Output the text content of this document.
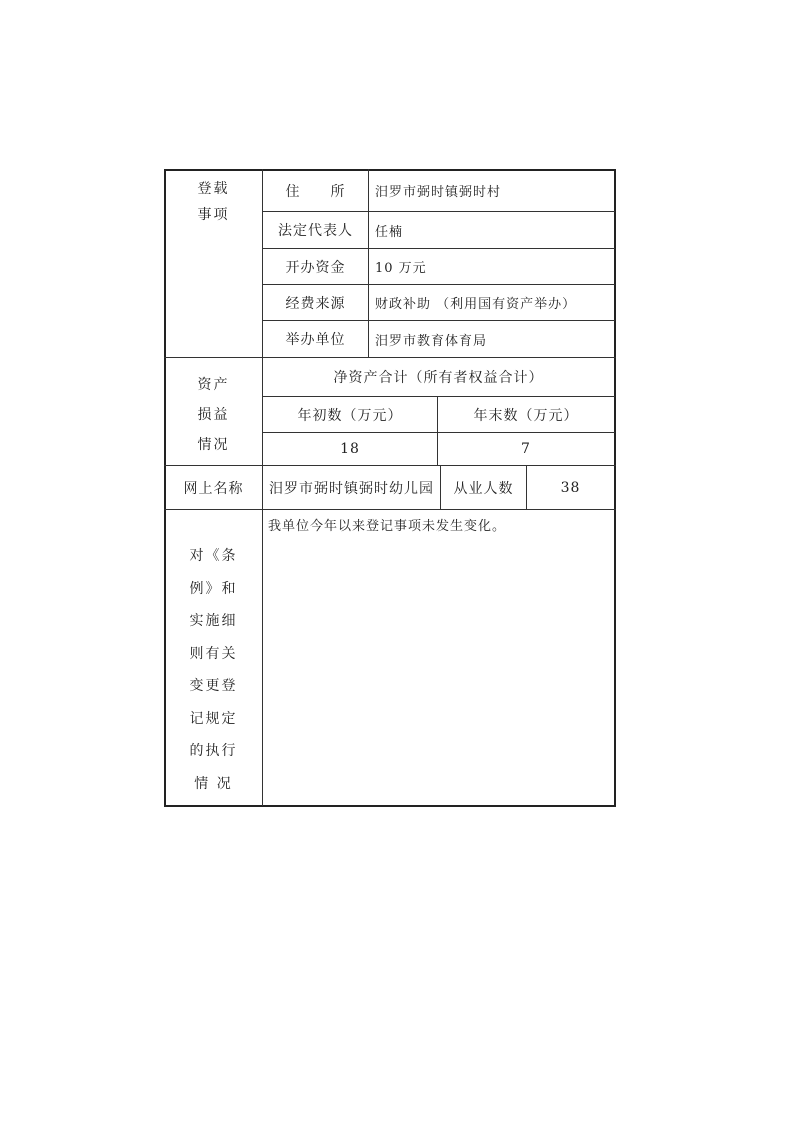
登载
事项
住　　所	汨罗市弼时镇弼时村
法定代表人	任楠
开办资金	10 万元
经费来源	财政补助 （利用国有资产举办）
举办单位	汨罗市教育体育局
资产
损益
情况
净资产合计（所有者权益合计）
年初数（万元）	年末数（万元）
18	7
网上名称	汨罗市弼时镇弼时幼儿园	从业人数	38
对《条
例》和
实施细
则有关
变更登
记规定
的执行
情 况
我单位今年以来登记事项未发生变化。
